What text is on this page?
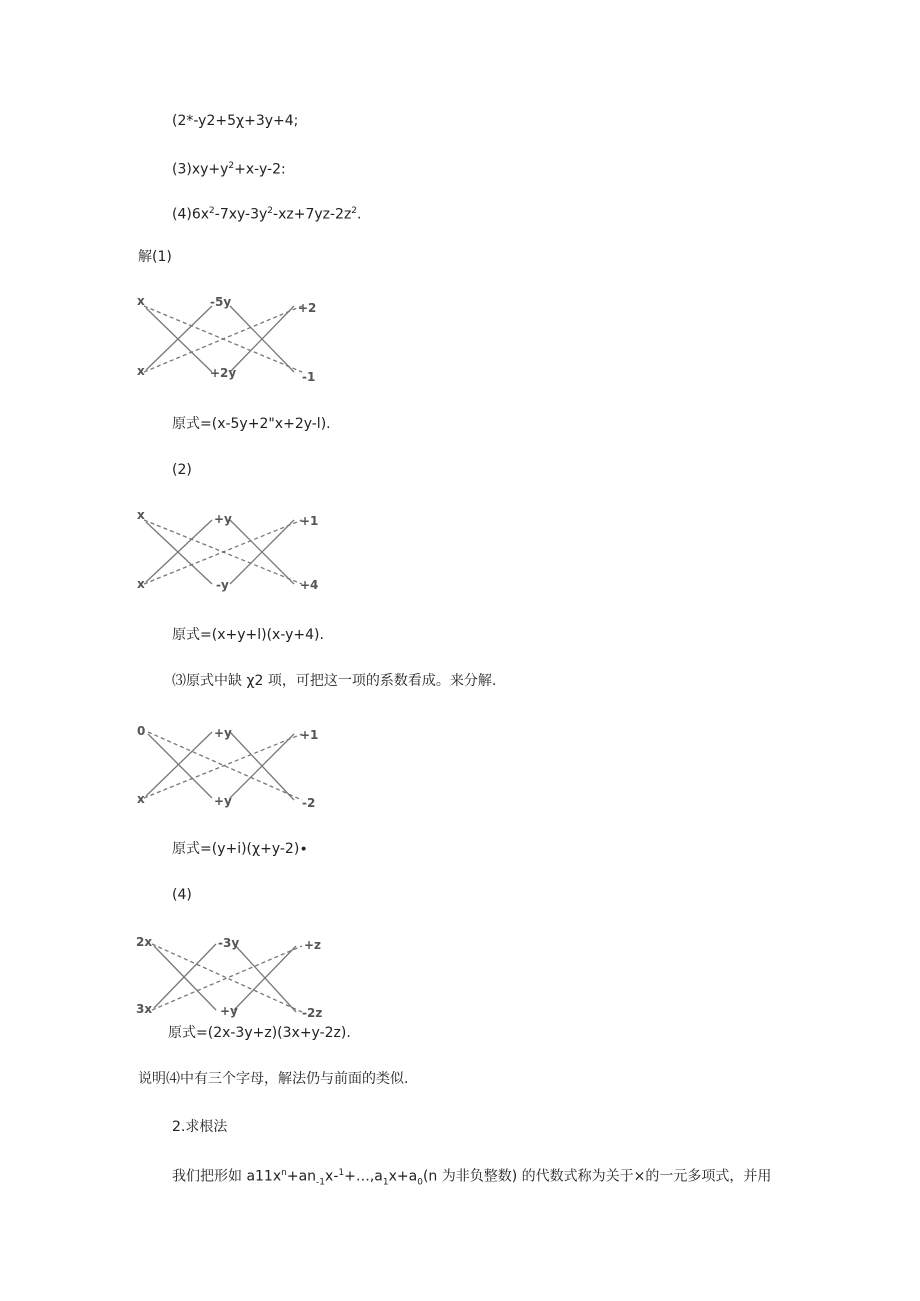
(2*-y2+5χ+3y+4;
$(3)xy+y^2+x-y-2$:
$(4)6x^2-7xy-3y^2-xz+7yz-2z^2$.
解(1)
x	-5y	+2
x	+2y	-1
原式=(x-5y+2"x+2y-l).
(2)
x	+y	+1
x	-y	+4
原式=(x+y+l)(x-y+4).
⑶原式中缺 χ2 项，可把这一项的系数看成。来分解.
0	+y	+1
x	+y	-2
原式=(y+i)(χ+y-2)∙
(4)
2x	-3y	+z
3x	+y	-2z
原式=(2x-3y+z)(3x+y-2z).
说明⑷中有三个字母，解法仍与前面的类似.
2.求根法
我们把形如 $a11x^n+an_{-1}x-^1+\dots,a_1x+a_0(n$ 为非负整数) 的代数式称为关于×的一元多项式，并用
